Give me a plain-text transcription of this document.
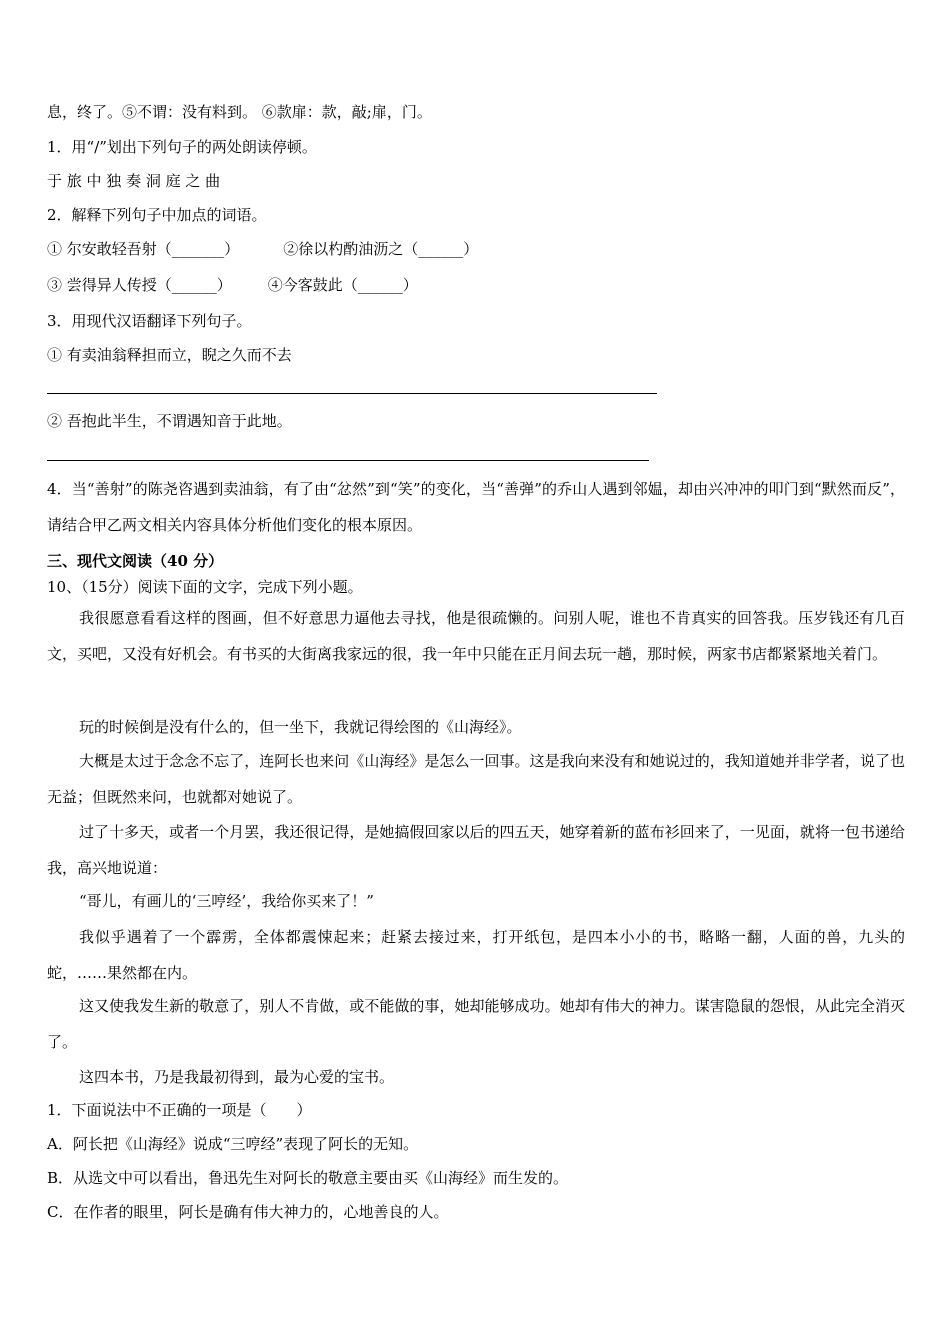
息，终了。⑤不谓：没有料到。 ⑥款扉：款，敲;扉，门。
1．用“/”划出下列句子的两处朗读停顿。
于 旅 中 独 奏 洞 庭 之 曲
2．解释下列句子中加点的词语。
① 尔安敢轻吾射（_______）	②徐以杓酌油沥之（______）
③ 尝得异人传授（______） ④今客鼓此（______）
3．用现代汉语翻译下列句子。
① 有卖油翁释担而立，睨之久而不去
② 吾抱此半生，不谓遇知音于此地。
4．当“善射”的陈尧咨遇到卖油翁，有了由“忿然”到“笑”的变化，当“善弹”的乔山人遇到邻媪，却由兴冲冲的叩门到“默然而反”，请结合甲乙两文相关内容具体分析他们变化的根本原因。
三、现代文阅读（40 分）
10、（15分）阅读下面的文字，完成下列小题。
我很愿意看看这样的图画，但不好意思力逼他去寻找，他是很疏懒的。问别人呢，谁也不肯真实的回答我。压岁钱还有几百文，买吧，又没有好机会。有书买的大街离我家远的很，我一年中只能在正月间去玩一趟，那时候，两家书店都紧紧地关着门。
玩的时候倒是没有什么的，但一坐下，我就记得绘图的《山海经》。
大概是太过于念念不忘了，连阿长也来问《山海经》是怎么一回事。这是我向来没有和她说过的，我知道她并非学者，说了也无益；但既然来问，也就都对她说了。
过了十多天，或者一个月罢，我还很记得，是她搞假回家以后的四五天，她穿着新的蓝布衫回来了，一见面，就将一包书递给我，高兴地说道：
“哥儿，有画儿的‘三哼经’，我给你买来了！”
我似乎遇着了一个霹雳，全体都震悚起来；赶紧去接过来，打开纸包，是四本小小的书，略略一翻，人面的兽，九头的蛇，……果然都在内。
这又使我发生新的敬意了，别人不肯做，或不能做的事，她却能够成功。她却有伟大的神力。谋害隐鼠的怨恨，从此完全消灭了。
这四本书，乃是我最初得到，最为心爱的宝书。
1．下面说法中不正确的一项是（　　）
A．阿长把《山海经》说成“三哼经”表现了阿长的无知。
B．从选文中可以看出，鲁迅先生对阿长的敬意主要由买《山海经》而生发的。
C．在作者的眼里，阿长是确有伟大神力的，心地善良的人。
